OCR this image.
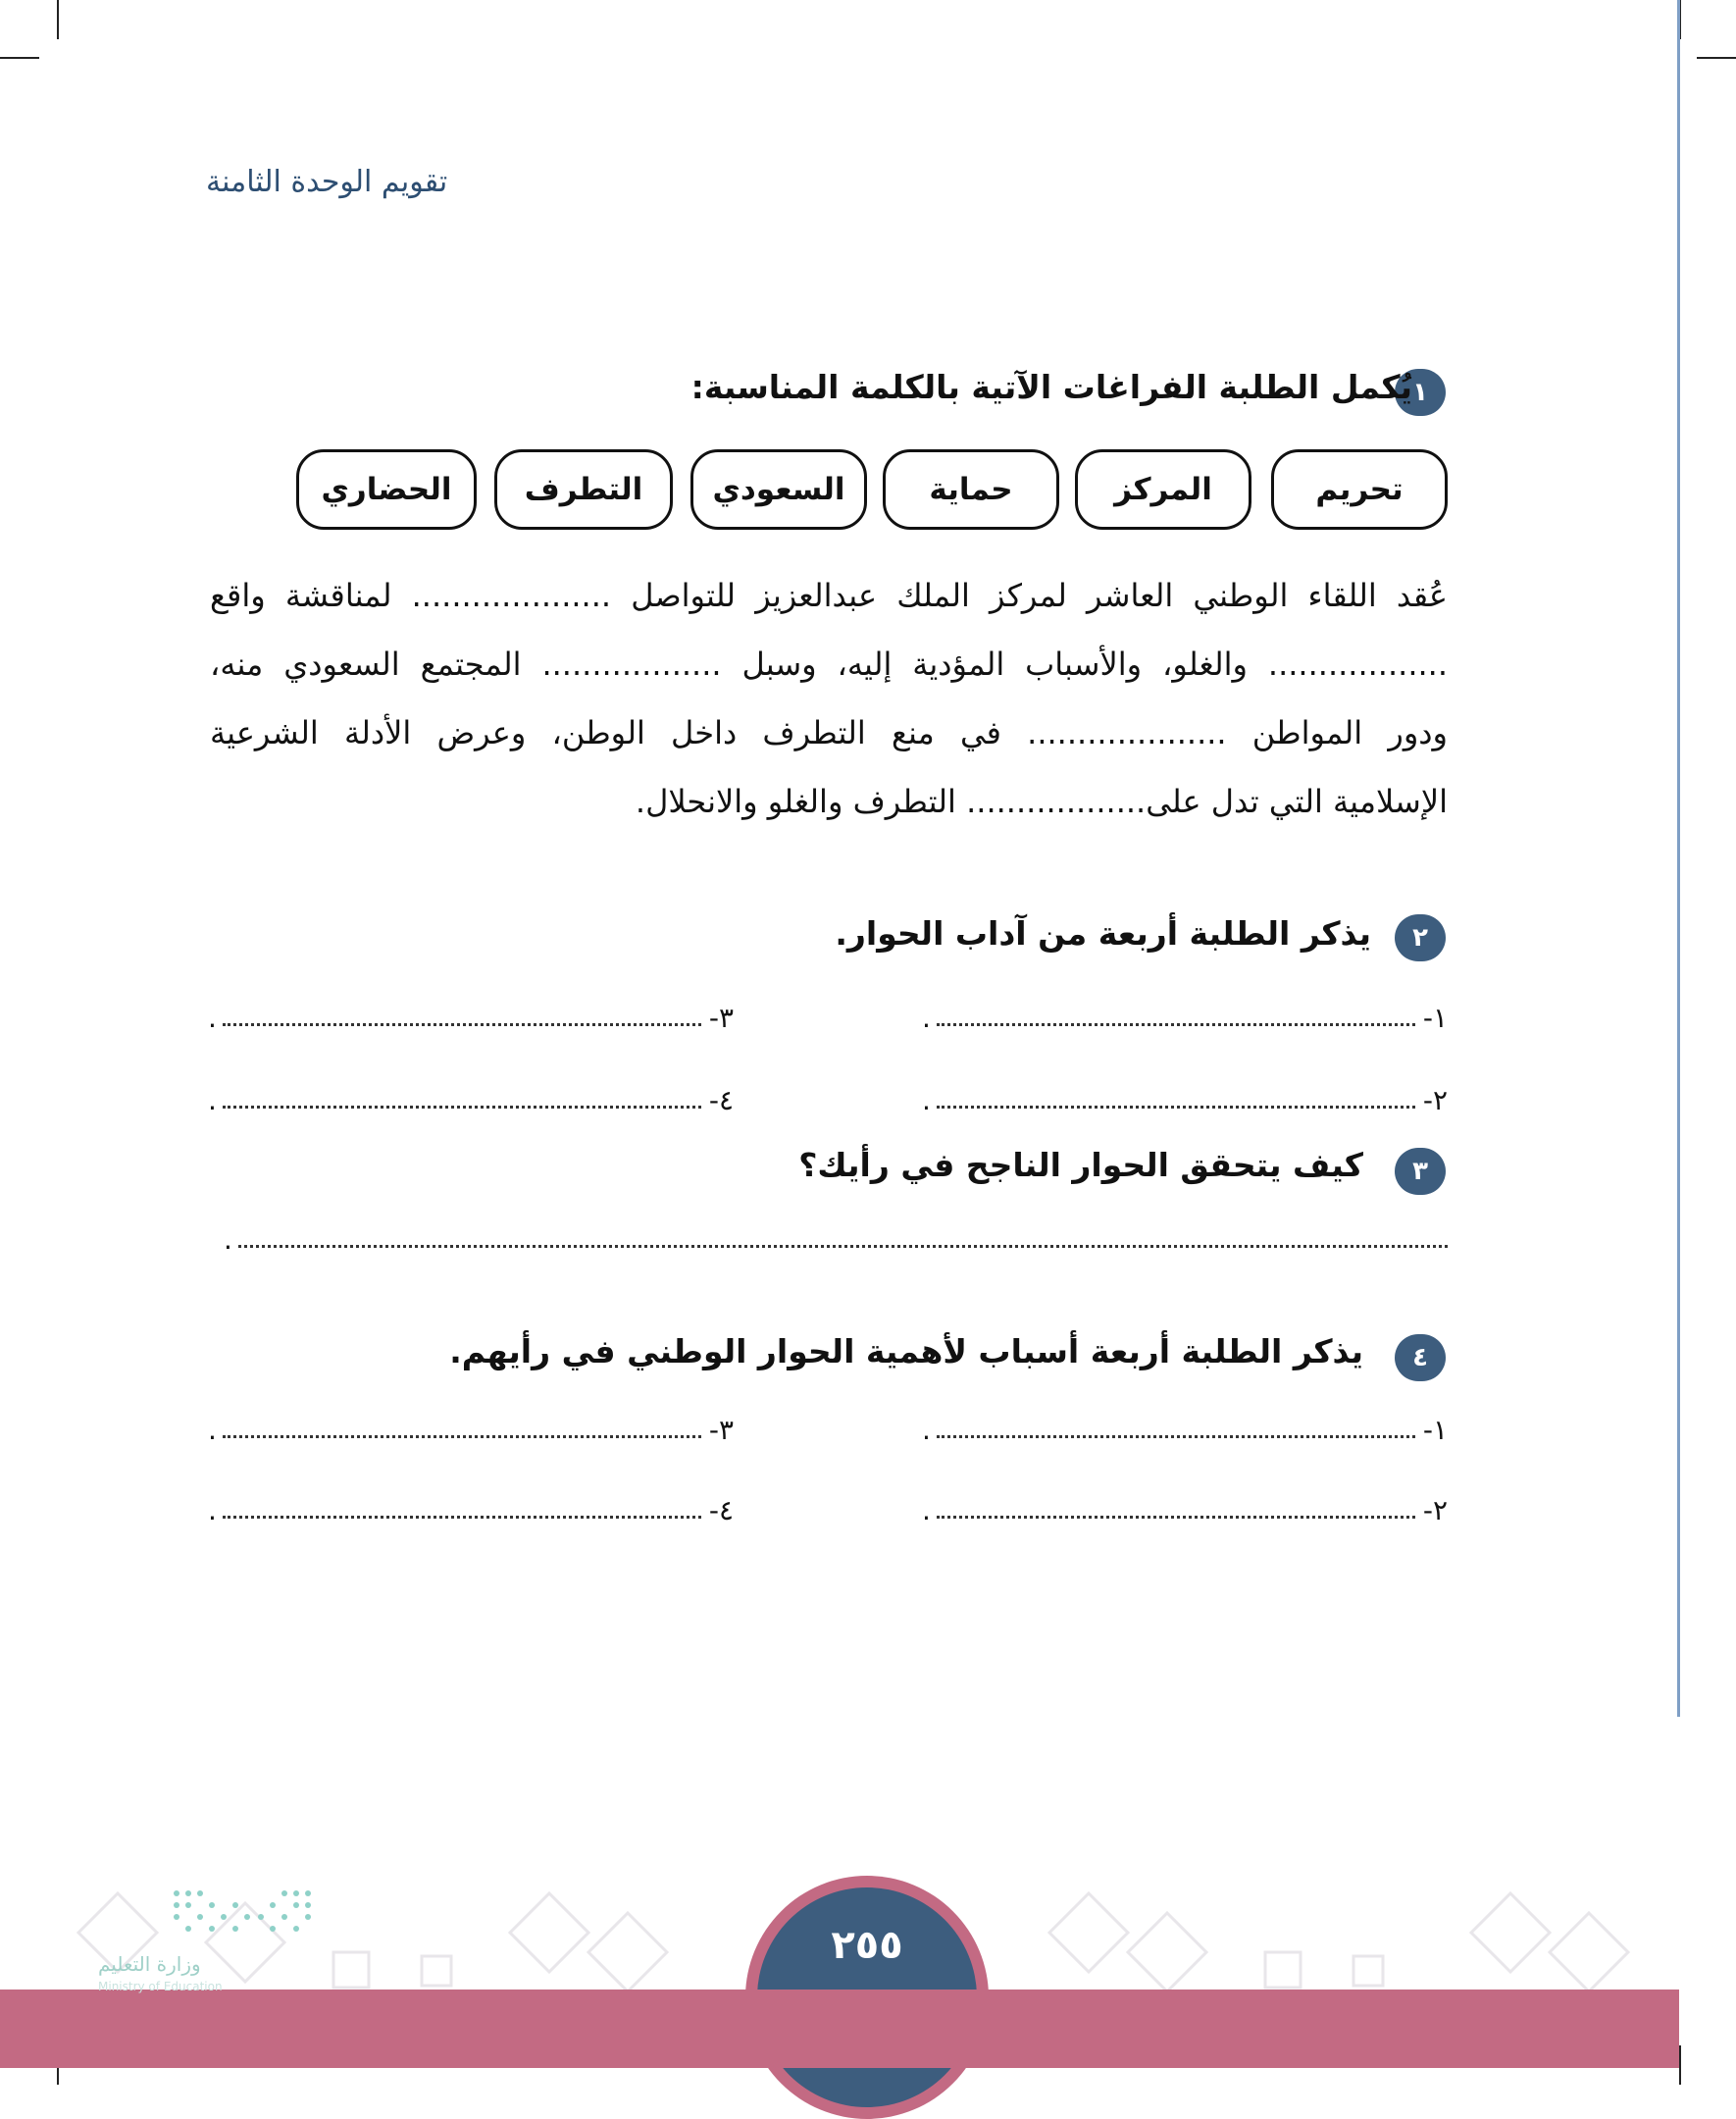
تقويم الوحدة الثامنة
١
يُكمل الطلبة الفراغات الآتية بالكلمة المناسبة:
تحريم
المركز
حماية
السعودي
التطرف
الحضاري
عُقد اللقاء الوطني العاشر لمركز الملك عبدالعزيز للتواصل .................... لمناقشة واقع
.................. والغلو، والأسباب المؤدية إليه، وسبل .................. المجتمع السعودي منه،
ودور المواطن .................... في منع التطرف داخل الوطن، وعرض الأدلة الشرعية
الإسلامية التي تدل على.................. التطرف والغلو والانحلال.
٢
يذكر الطلبة أربعة من آداب الحوار.
١-
.
٢-
.
٣-
.
٤-
.
٣
كيف يتحقق الحوار الناجح في رأيك؟
.
٤
يذكر الطلبة أربعة أسباب لأهمية الحوار الوطني في رأيهم.
١-
.
٢-
.
٣-
.
٤-
.
٢٥٥
وزارة التعليم
Ministry of Education
